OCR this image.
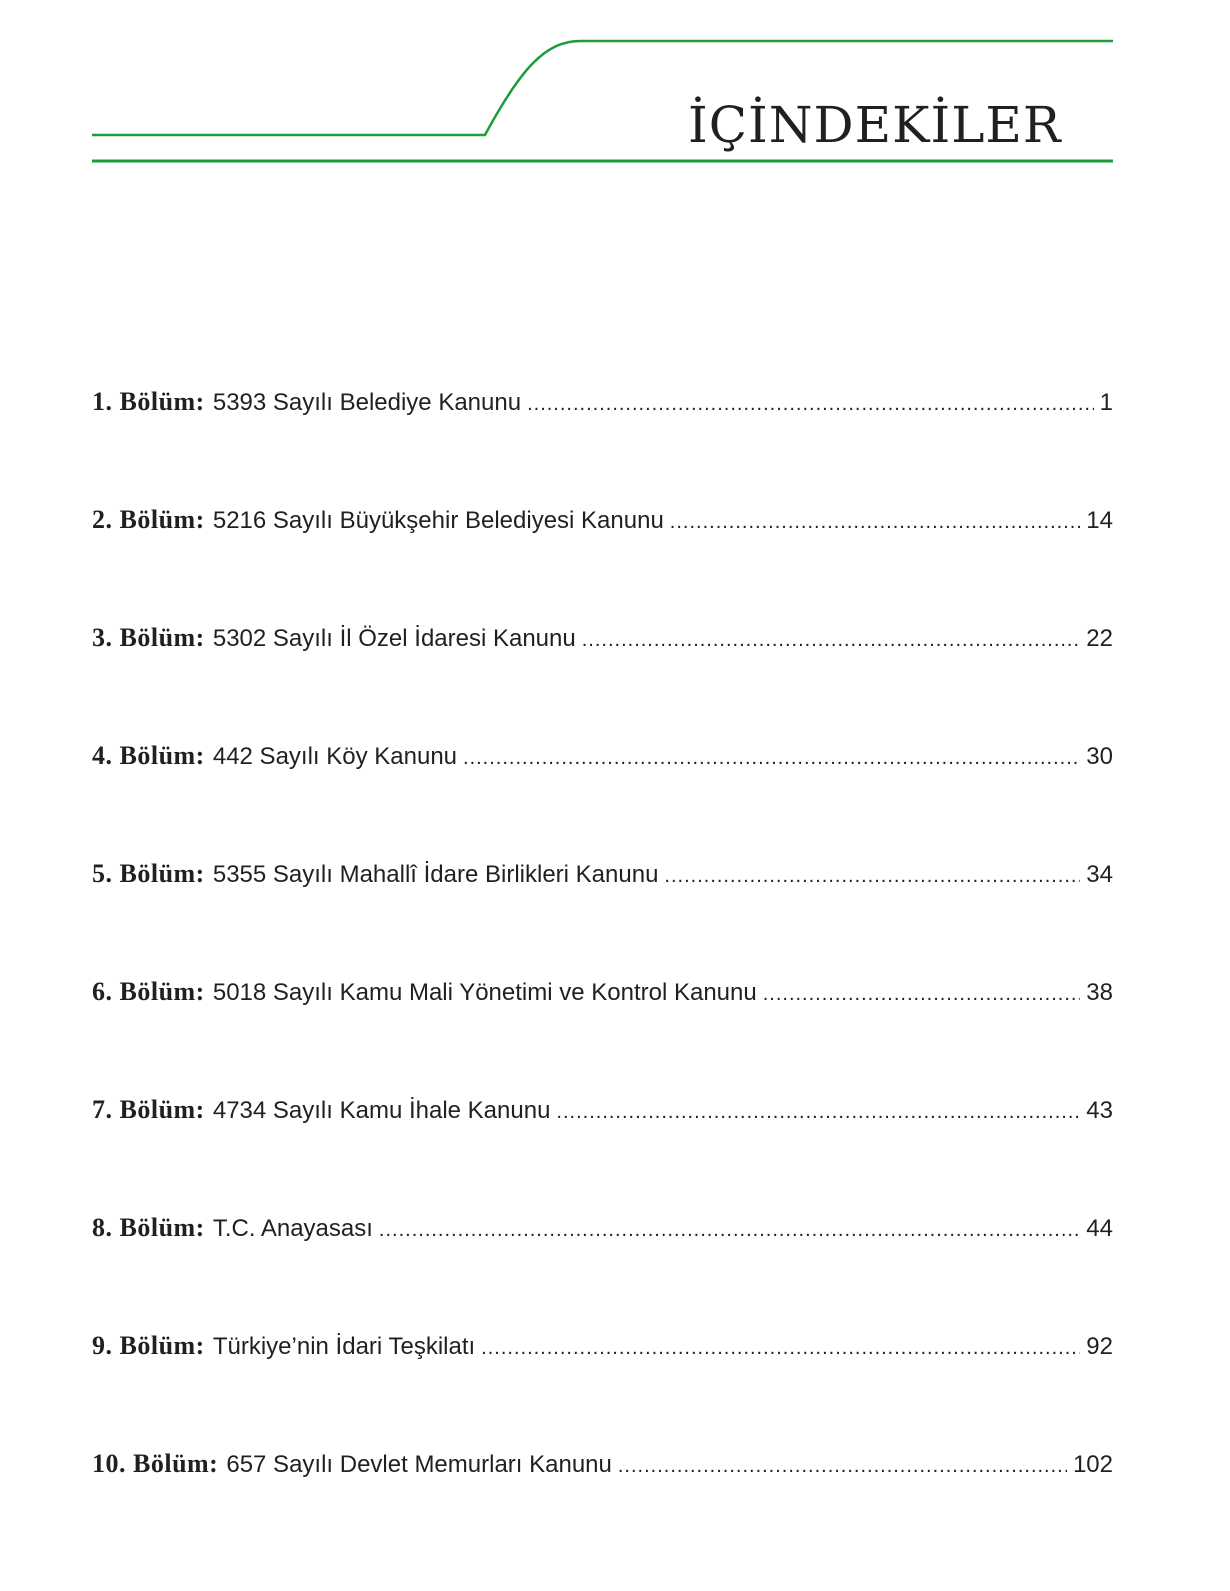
İÇİNDEKİLER
1. Bölüm: 5393 Sayılı Belediye Kanunu .....	1
2. Bölüm: 5216 Sayılı Büyükşehir Belediyesi Kanunu .....	14
3. Bölüm: 5302 Sayılı İl Özel İdaresi Kanunu .....	22
4. Bölüm: 442 Sayılı Köy Kanunu .....	30
5. Bölüm: 5355 Sayılı Mahallî İdare Birlikleri Kanunu .....	34
6. Bölüm: 5018 Sayılı Kamu Mali Yönetimi ve Kontrol Kanunu .....	38
7. Bölüm: 4734 Sayılı Kamu İhale Kanunu .....	43
8. Bölüm: T.C. Anayasası .....	44
9. Bölüm: Türkiye’nin İdari Teşkilatı .....	92
10. Bölüm: 657 Sayılı Devlet Memurları Kanunu .....	102
